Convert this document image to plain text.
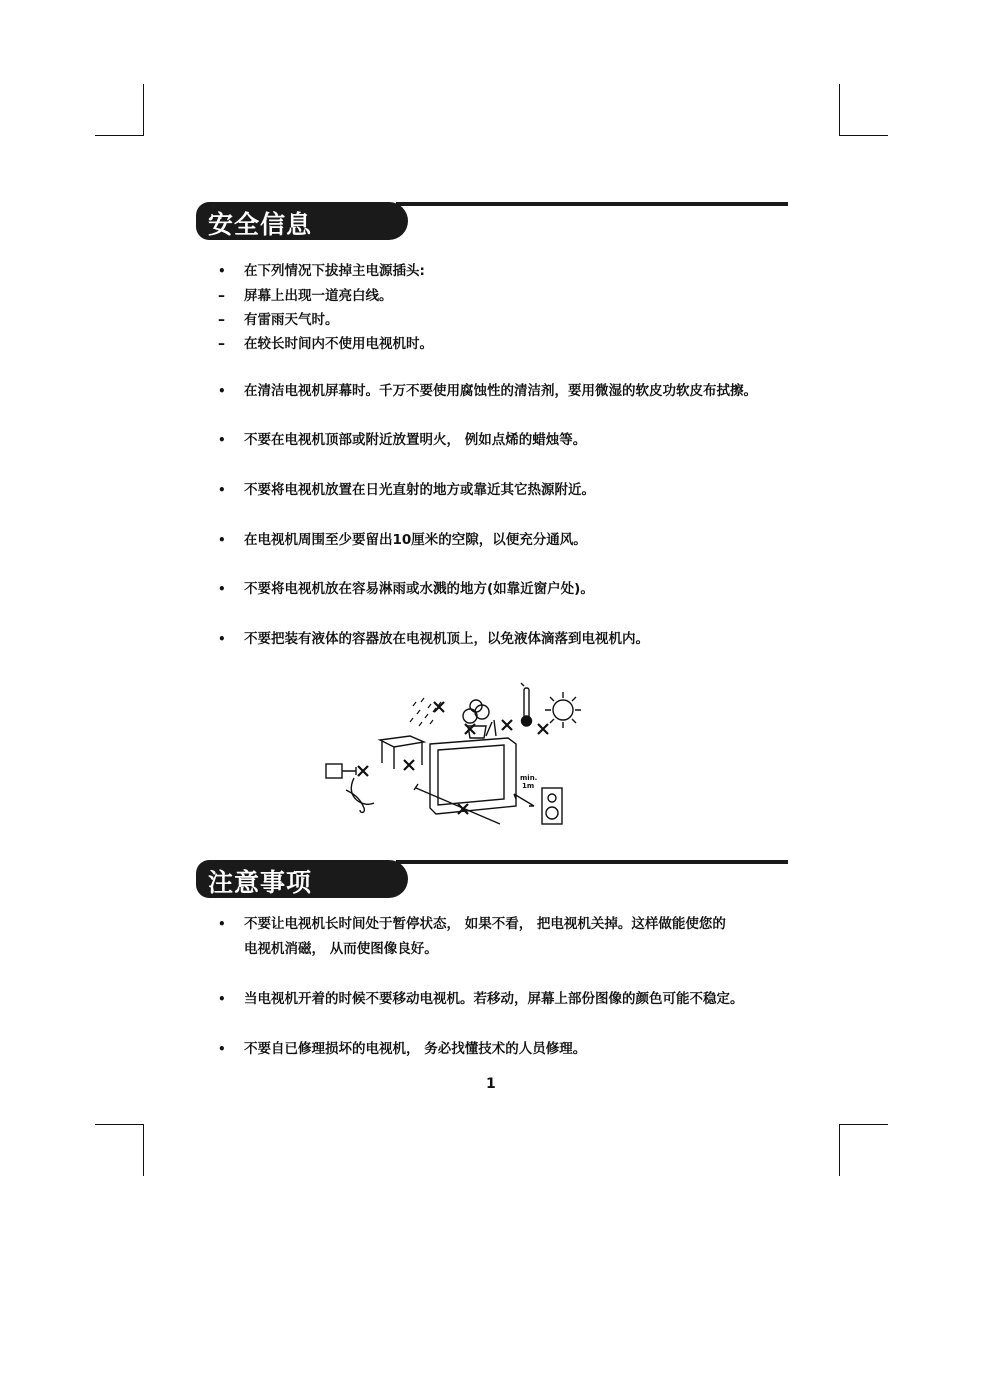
安全信息
•在下列情况下拔掉主电源插头:
–屏幕上出现一道亮白线。
–有雷雨天气时。
–在较长时间内不使用电视机时。
•在清洁电视机屏幕时。千万不要使用腐蚀性的清洁剂，要用微湿的软皮功软皮布拭擦。
•不要在电视机顶部或附近放置明火， 例如点烯的蜡烛等。
•不要将电视机放置在日光直射的地方或靠近其它热源附近。
•在电视机周围至少要留出10厘米的空隙，以便充分通风。
•不要将电视机放在容易淋雨或水溅的地方(如靠近窗户处)。
•不要把装有液体的容器放在电视机顶上，以免液体滴落到电视机内。
min.
1m
注意事项
•不要让电视机长时间处于暂停状态， 如果不看， 把电视机关掉。这样做能使您的
电视机消磁， 从而使图像良好。
•当电视机开着的时候不要移动电视机。若移动，屏幕上部份图像的颜色可能不稳定。
•不要自已修理损坏的电视机， 务必找懂技术的人员修理。
1
